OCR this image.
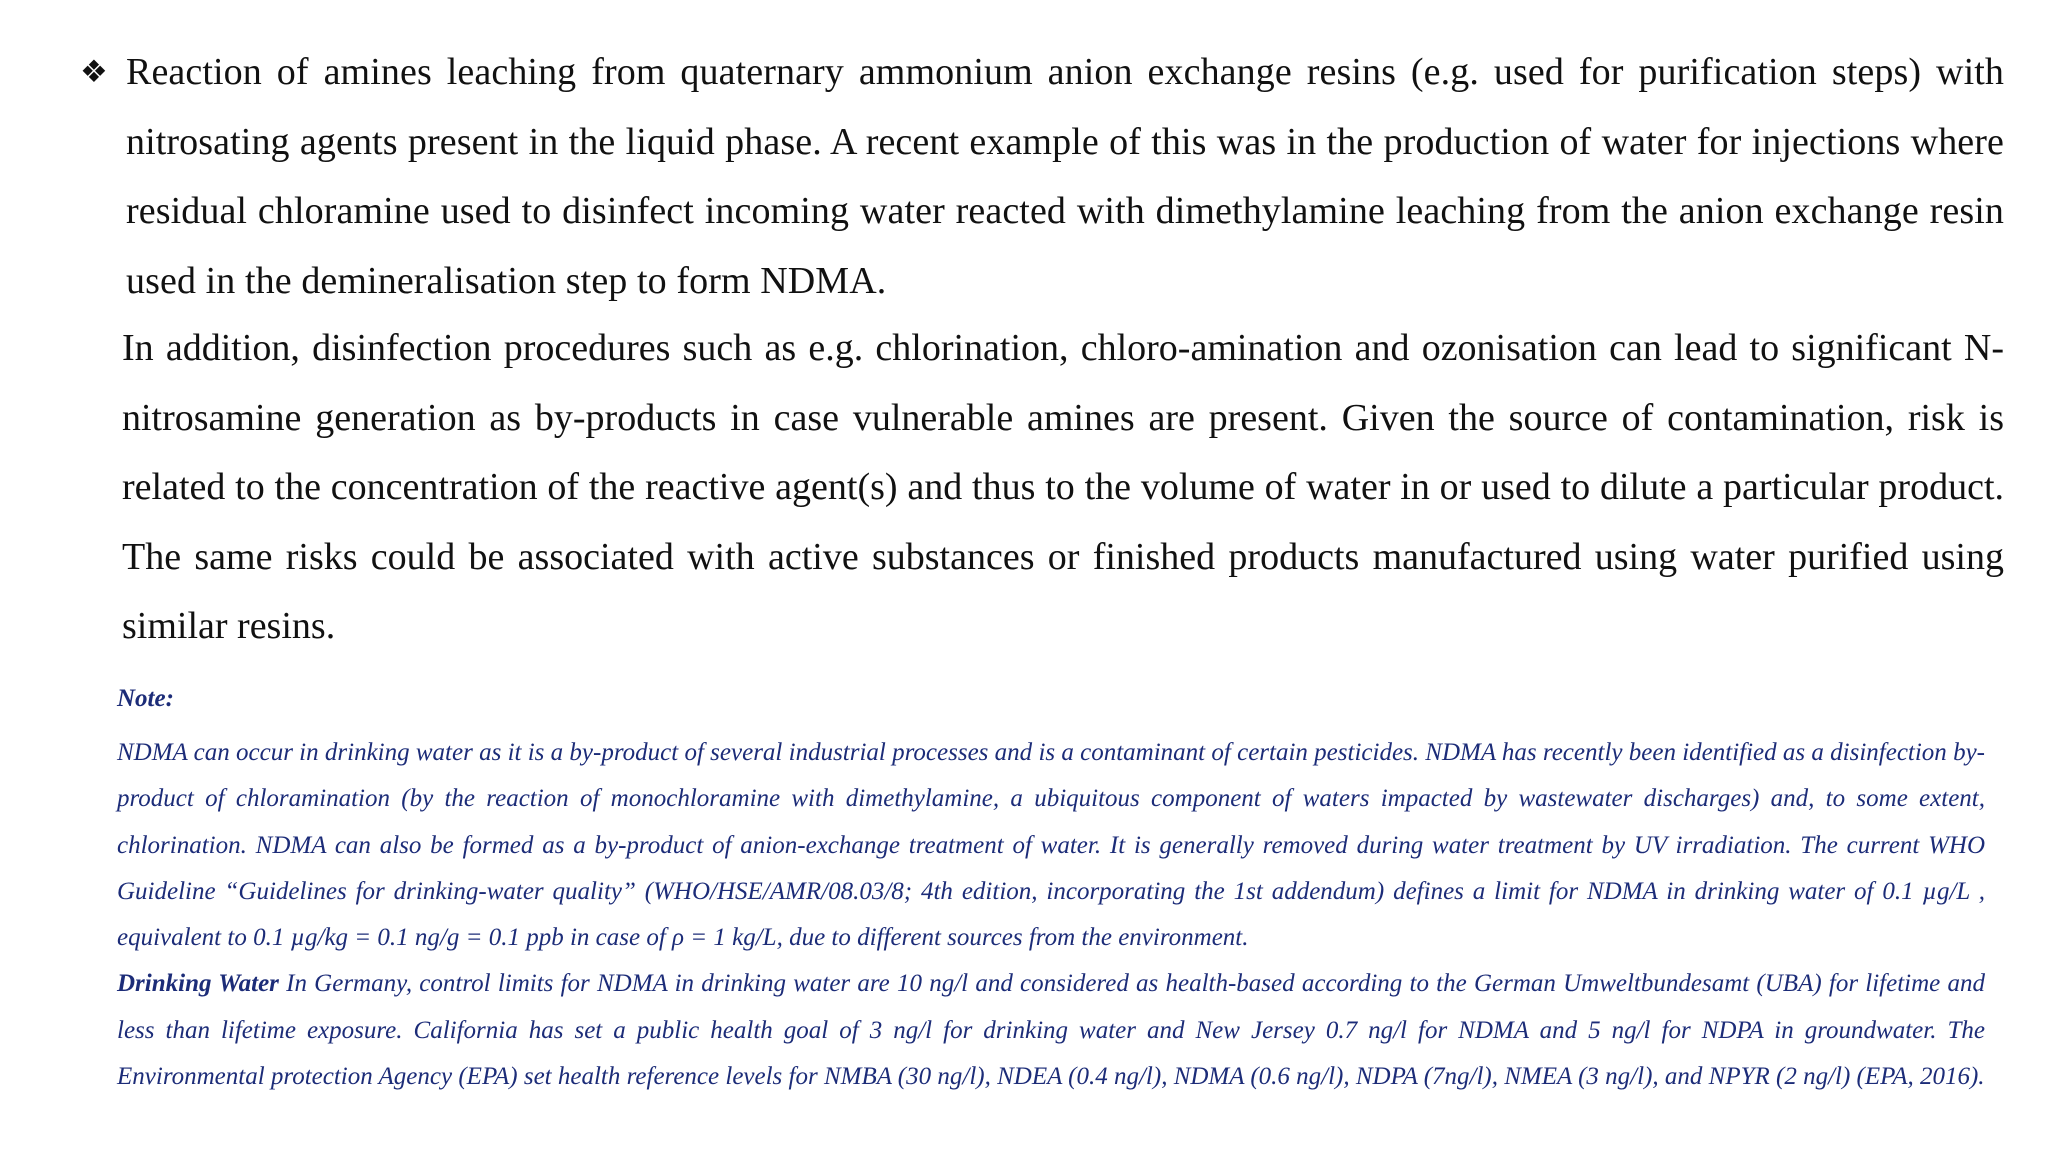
❖ Reaction of amines leaching from quaternary ammonium anion exchange resins (e.g. used for purification steps) with nitrosating agents present in the liquid phase. A recent example of this was in the production of water for injections where residual chloramine used to disinfect incoming water reacted with dimethylamine leaching from the anion exchange resin used in the demineralisation step to form NDMA.
In addition, disinfection procedures such as e.g. chlorination, chloro-amination and ozonisation can lead to significant N-nitrosamine generation as by-products in case vulnerable amines are present. Given the source of contamination, risk is related to the concentration of the reactive agent(s) and thus to the volume of water in or used to dilute a particular product. The same risks could be associated with active substances or finished products manufactured using water purified using similar resins.

Note:

NDMA can occur in drinking water as it is a by-product of several industrial processes and is a contaminant of certain pesticides. NDMA has recently been identified as a disinfection by-product of chloramination (by the reaction of monochloramine with dimethylamine, a ubiquitous component of waters impacted by wastewater discharges) and, to some extent, chlorination. NDMA can also be formed as a by-product of anion-exchange treatment of water. It is generally removed during water treatment by UV irradiation. The current WHO Guideline “Guidelines for drinking-water quality” (WHO/HSE/AMR/08.03/8; 4th edition, incorporating the 1st addendum) defines a limit for NDMA in drinking water of 0.1 µg/L , equivalent to 0.1 µg/kg = 0.1 ng/g = 0.1 ppb in case of ρ = 1 kg/L, due to different sources from the environment.

Drinking Water In Germany, control limits for NDMA in drinking water are 10 ng/l and considered as health-based according to the German Umweltbundesamt (UBA) for lifetime and less than lifetime exposure. California has set a public health goal of 3 ng/l for drinking water and New Jersey 0.7 ng/l for NDMA and 5 ng/l for NDPA in groundwater. The Environmental protection Agency (EPA) set health reference levels for NMBA (30 ng/l), NDEA (0.4 ng/l), NDMA (0.6 ng/l), NDPA (7ng/l), NMEA (3 ng/l), and NPYR (2 ng/l) (EPA, 2016).
